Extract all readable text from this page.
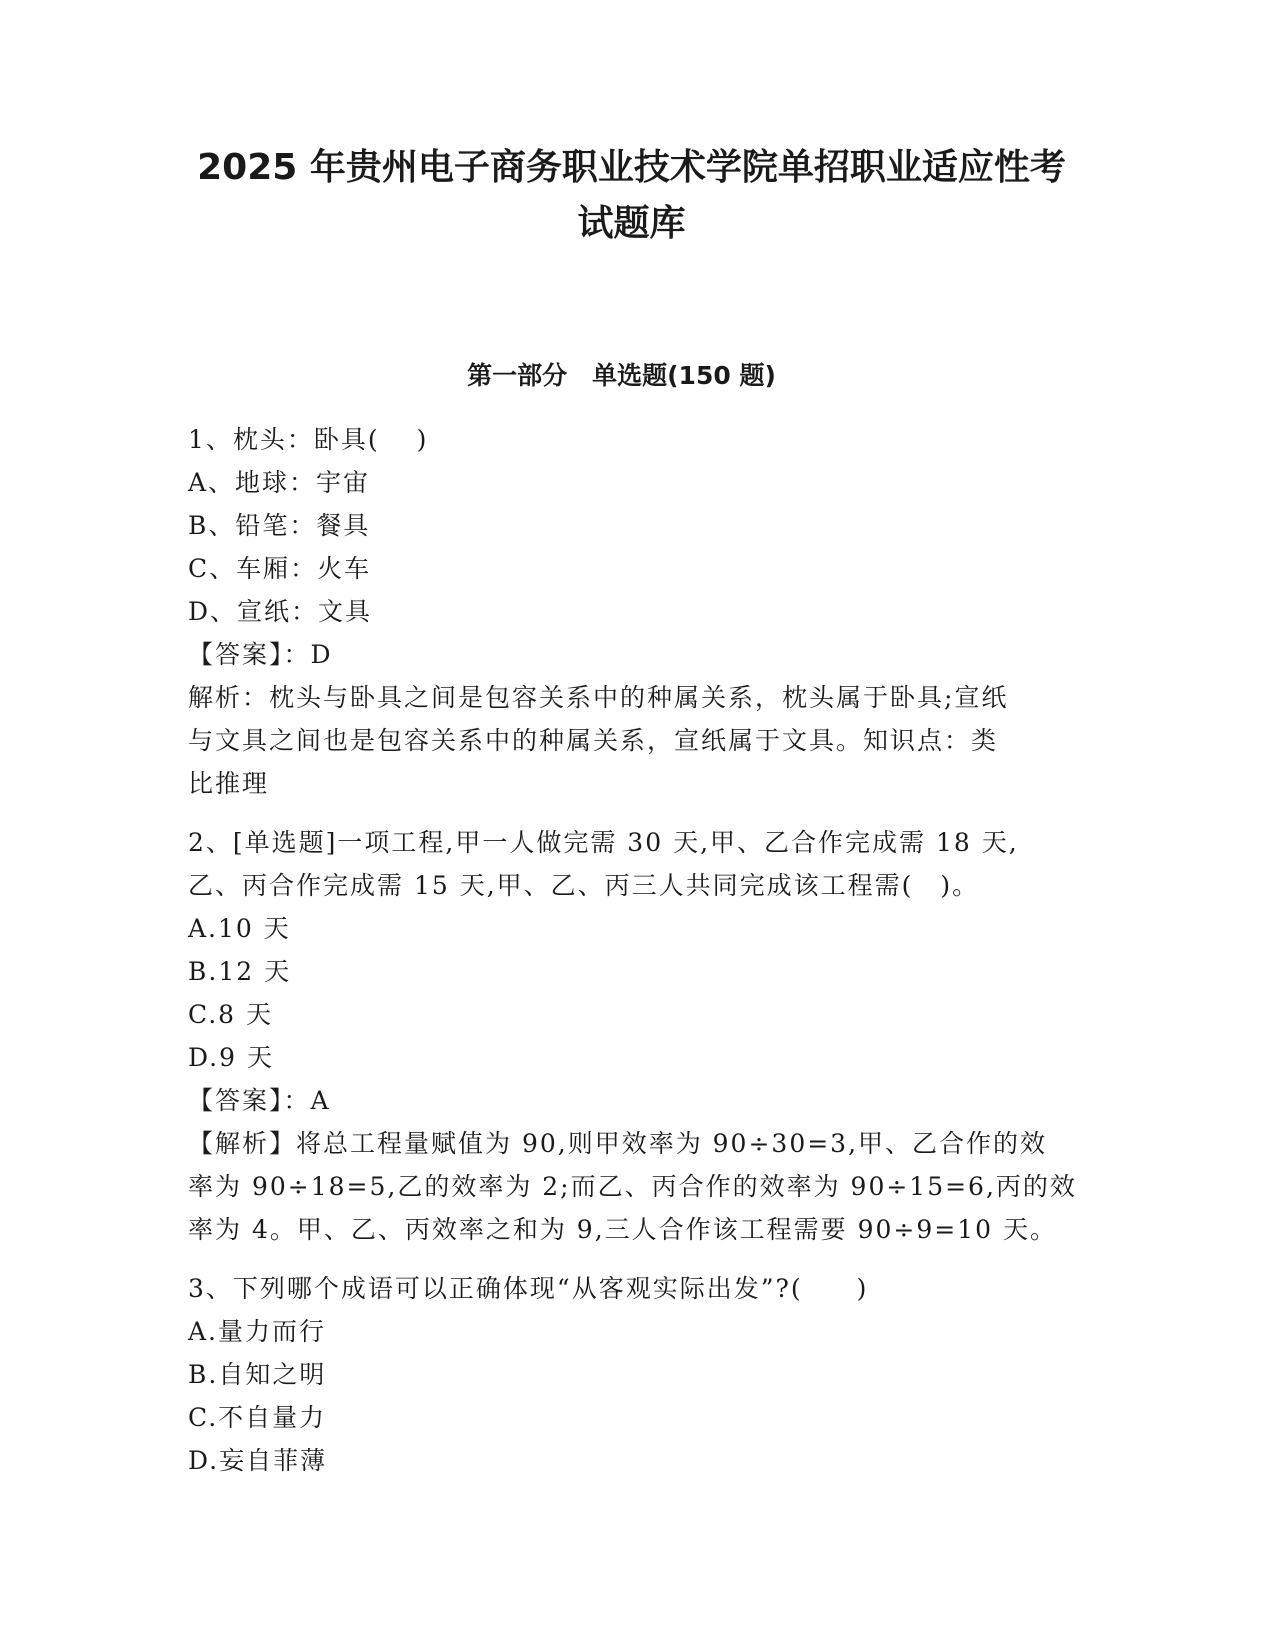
2025 年贵州电子商务职业技术学院单招职业适应性考
试题库
第一部分　单选题(150 题)
1、枕头：卧具(　 )
A、地球：宇宙
B、铅笔：餐具
C、车厢：火车
D、宣纸：文具
【答案】：D
解析：枕头与卧具之间是包容关系中的种属关系，枕头属于卧具;宣纸
与文具之间也是包容关系中的种属关系，宣纸属于文具。知识点：类
比推理
2、[单选题]一项工程,甲一人做完需 30 天,甲、乙合作完成需 18 天,
乙、丙合作完成需 15 天,甲、乙、丙三人共同完成该工程需(　)。
A.10 天
B.12 天
C.8 天
D.9 天
【答案】：A
【解析】将总工程量赋值为 90,则甲效率为 90÷30=3,甲、乙合作的效
率为 90÷18=5,乙的效率为 2;而乙、丙合作的效率为 90÷15=6,丙的效
率为 4。甲、乙、丙效率之和为 9,三人合作该工程需要 90÷9=10 天。
3、下列哪个成语可以正确体现“从客观实际出发”?(　　)
A.量力而行
B.自知之明
C.不自量力
D.妄自菲薄
